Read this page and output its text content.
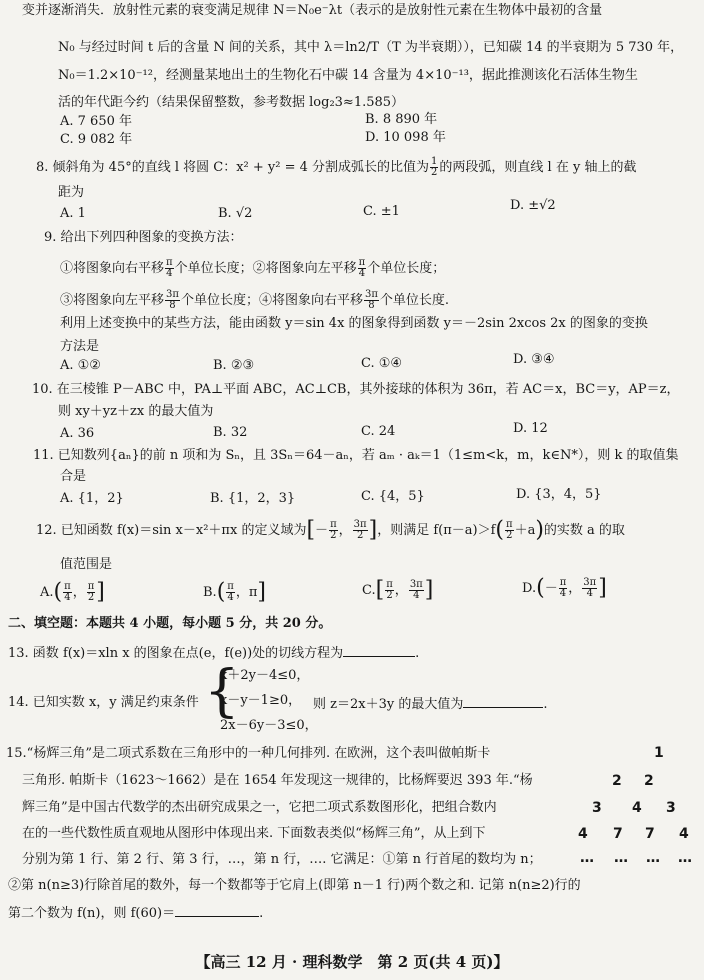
变并逐渐消失．放射性元素的衰变满足规律 N＝N₀e⁻λt（表示的是放射性元素在生物体中最初的含量
N₀ 与经过时间 t 后的含量 N 间的关系，其中 λ＝ln2/T（T 为半衰期）），已知碳 14 的半衰期为 5 730 年，
N₀＝1.2×10⁻¹²，经测量某地出土的生物化石中碳 14 含量为 4×10⁻¹³，据此推测该化石活体生物生
活的年代距今约（结果保留整数，参考数据 log₂3≈1.585）
A. 7 650 年	B. 8 890 年
C. 9 082 年	D. 10 098 年
8. 倾斜角为 45°的直线 l 将圆 C：x² + y² = 4 分割成弧长的比值为 $\frac{1}{2}$ 的两段弧，则直线 l 在 y 轴上的截
距为
A. 1	B. √2	C. ±1	D. ±√2
9. 给出下列四种图象的变换方法：
①将图象向右平移 $\frac{\pi}{4}$ 个单位长度；②将图象向左平移 $\frac{\pi}{4}$ 个单位长度；
③将图象向左平移 $\frac{3\pi}{8}$ 个单位长度；④将图象向右平移 $\frac{3\pi}{8}$ 个单位长度.
利用上述变换中的某些方法，能由函数 y＝sin 4x 的图象得到函数 y＝－2sin 2xcos 2x 的图象的变换
方法是
A. ①②	B. ②③	C. ①④	D. ③④
10. 在三棱锥 P－ABC 中，PA⊥平面 ABC，AC⊥CB，其外接球的体积为 36π，若 AC＝x，BC＝y，AP＝z，
则 xy＋yz＋zx 的最大值为
A. 36	B. 32	C. 24	D. 12
11. 已知数列{aₙ}的前 n 项和为 Sₙ，且 3Sₙ＝64－aₙ，若 aₘ · aₖ＝1（1≤m<k，m，k∈N*），则 k 的取值集
合是
A. {1，2}	B. {1，2，3}	C. {4，5}	D. {3，4，5}
12. 已知函数 f(x)＝sin x－x²＋πx 的定义域为[－ $\frac{\pi}{2}$ ， $\frac{3\pi}{2}$ ]，则满足 $f(\pi-a)>f( \frac{\pi}{2} +a)$的实数 a 的取
值范围是
$A.( \frac{\pi}{4}$ ， $\frac{\pi}{2}$ ]	$B.( \frac{\pi}{4}$ ，π]	$C.[ \frac{\pi}{2}$ ， $\frac{3\pi}{4}$ ]	$D.(- \frac{\pi}{4}$ ， $\frac{3\pi}{4}$ ]
二、填空题：本题共 4 小题，每小题 5 分，共 20 分。
13. 函数 f(x)＝xln x 的图象在点(e，f(e))处的切线方程为	.
14. 已知实数 x，y 满足约束条件 {
x＋2y－4≤0，
x－y－1≥0，
2x－6y－3≤0，
则 z＝2x＋3y 的最大值为	.
15.“杨辉三角”是二项式系数在三角形中的一种几何排列. 在欧洲，这个表叫做帕斯卡
三角形. 帕斯卡（1623～1662）是在 1654 年发现这一规律的，比杨辉要迟 393 年.“杨
辉三角”是中国古代数学的杰出研究成果之一，它把二项式系数图形化，把组合数内
在的一些代数性质直观地从图形中体现出来. 下面数表类似“杨辉三角”，从上到下
分别为第 1 行、第 2 行、第 3 行，…，第 n 行，…. 它满足：①第 n 行首尾的数均为 n；
②第 n(n≥3)行除首尾的数外，每一个数都等于它肩上(即第 n－1 行)两个数之和. 记第 n(n≥2)行的
第二个数为 f(n)，则 f(60)＝	.
1
2 2
3 4 3
4 7 7 4
… … … …
【高三 12 月 · 理科数学　第 2 页(共 4 页)】
